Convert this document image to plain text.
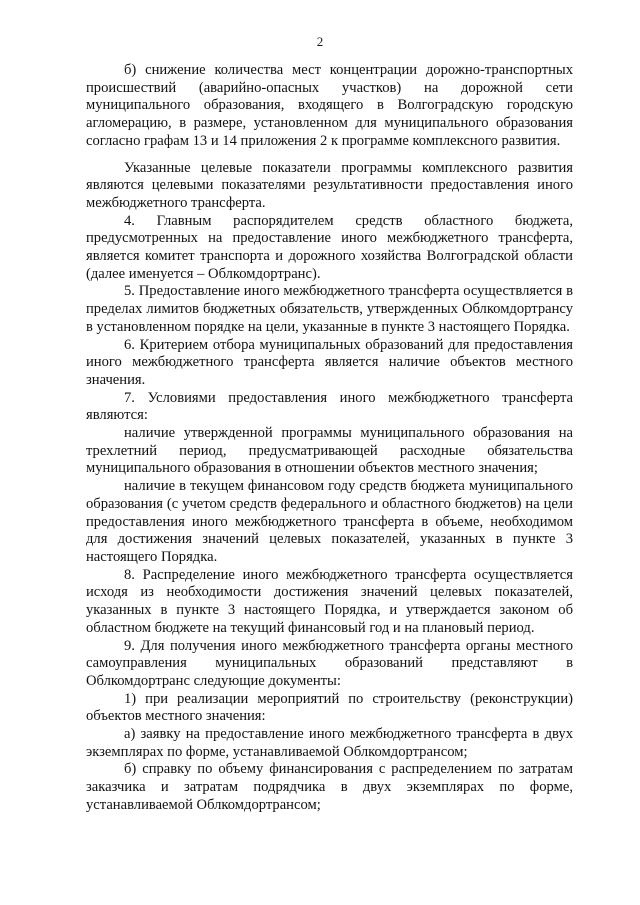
2

б) снижение количества мест концентрации дорожно-транспортных происшествий (аварийно-опасных участков) на дорожной сети муниципального образования, входящего в Волгоградскую городскую агломерацию, в размере, установленном для муниципального образования согласно графам 13 и 14 приложения 2 к программе комплексного развития.

Указанные целевые показатели программы комплексного развития являются целевыми показателями результативности предоставления иного межбюджетного трансферта.

4. Главным распорядителем средств областного бюджета, предусмотренных на предоставление иного межбюджетного трансферта, является комитет транспорта и дорожного хозяйства Волгоградской области (далее именуется – Облкомдортранс).

5. Предоставление иного межбюджетного трансферта осуществляется в пределах лимитов бюджетных обязательств, утвержденных Облкомдортрансу в установленном порядке на цели, указанные в пункте 3 настоящего Порядка.

6. Критерием отбора муниципальных образований для предоставления иного межбюджетного трансферта является наличие объектов местного значения.

7. Условиями предоставления иного межбюджетного трансферта являются:

наличие утвержденной программы муниципального образования на трехлетний период, предусматривающей расходные обязательства муниципального образования в отношении объектов местного значения;

наличие в текущем финансовом году средств бюджета муниципального образования (с учетом средств федерального и областного бюджетов) на цели предоставления иного межбюджетного трансферта в объеме, необходимом для достижения значений целевых показателей, указанных в пункте 3 настоящего Порядка.

8. Распределение иного межбюджетного трансферта осуществляется исходя из необходимости достижения значений целевых показателей, указанных в пункте 3 настоящего Порядка, и утверждается законом об областном бюджете на текущий финансовый год и на плановый период.

9. Для получения иного межбюджетного трансферта органы местного самоуправления муниципальных образований представляют в Облкомдортранс следующие документы:

1) при реализации мероприятий по строительству (реконструкции) объектов местного значения:

а) заявку на предоставление иного межбюджетного трансферта в двух экземплярах по форме, устанавливаемой Облкомдортрансом;

б) справку по объему финансирования с распределением по затратам заказчика и затратам подрядчика в двух экземплярах по форме, устанавливаемой Облкомдортрансом;
